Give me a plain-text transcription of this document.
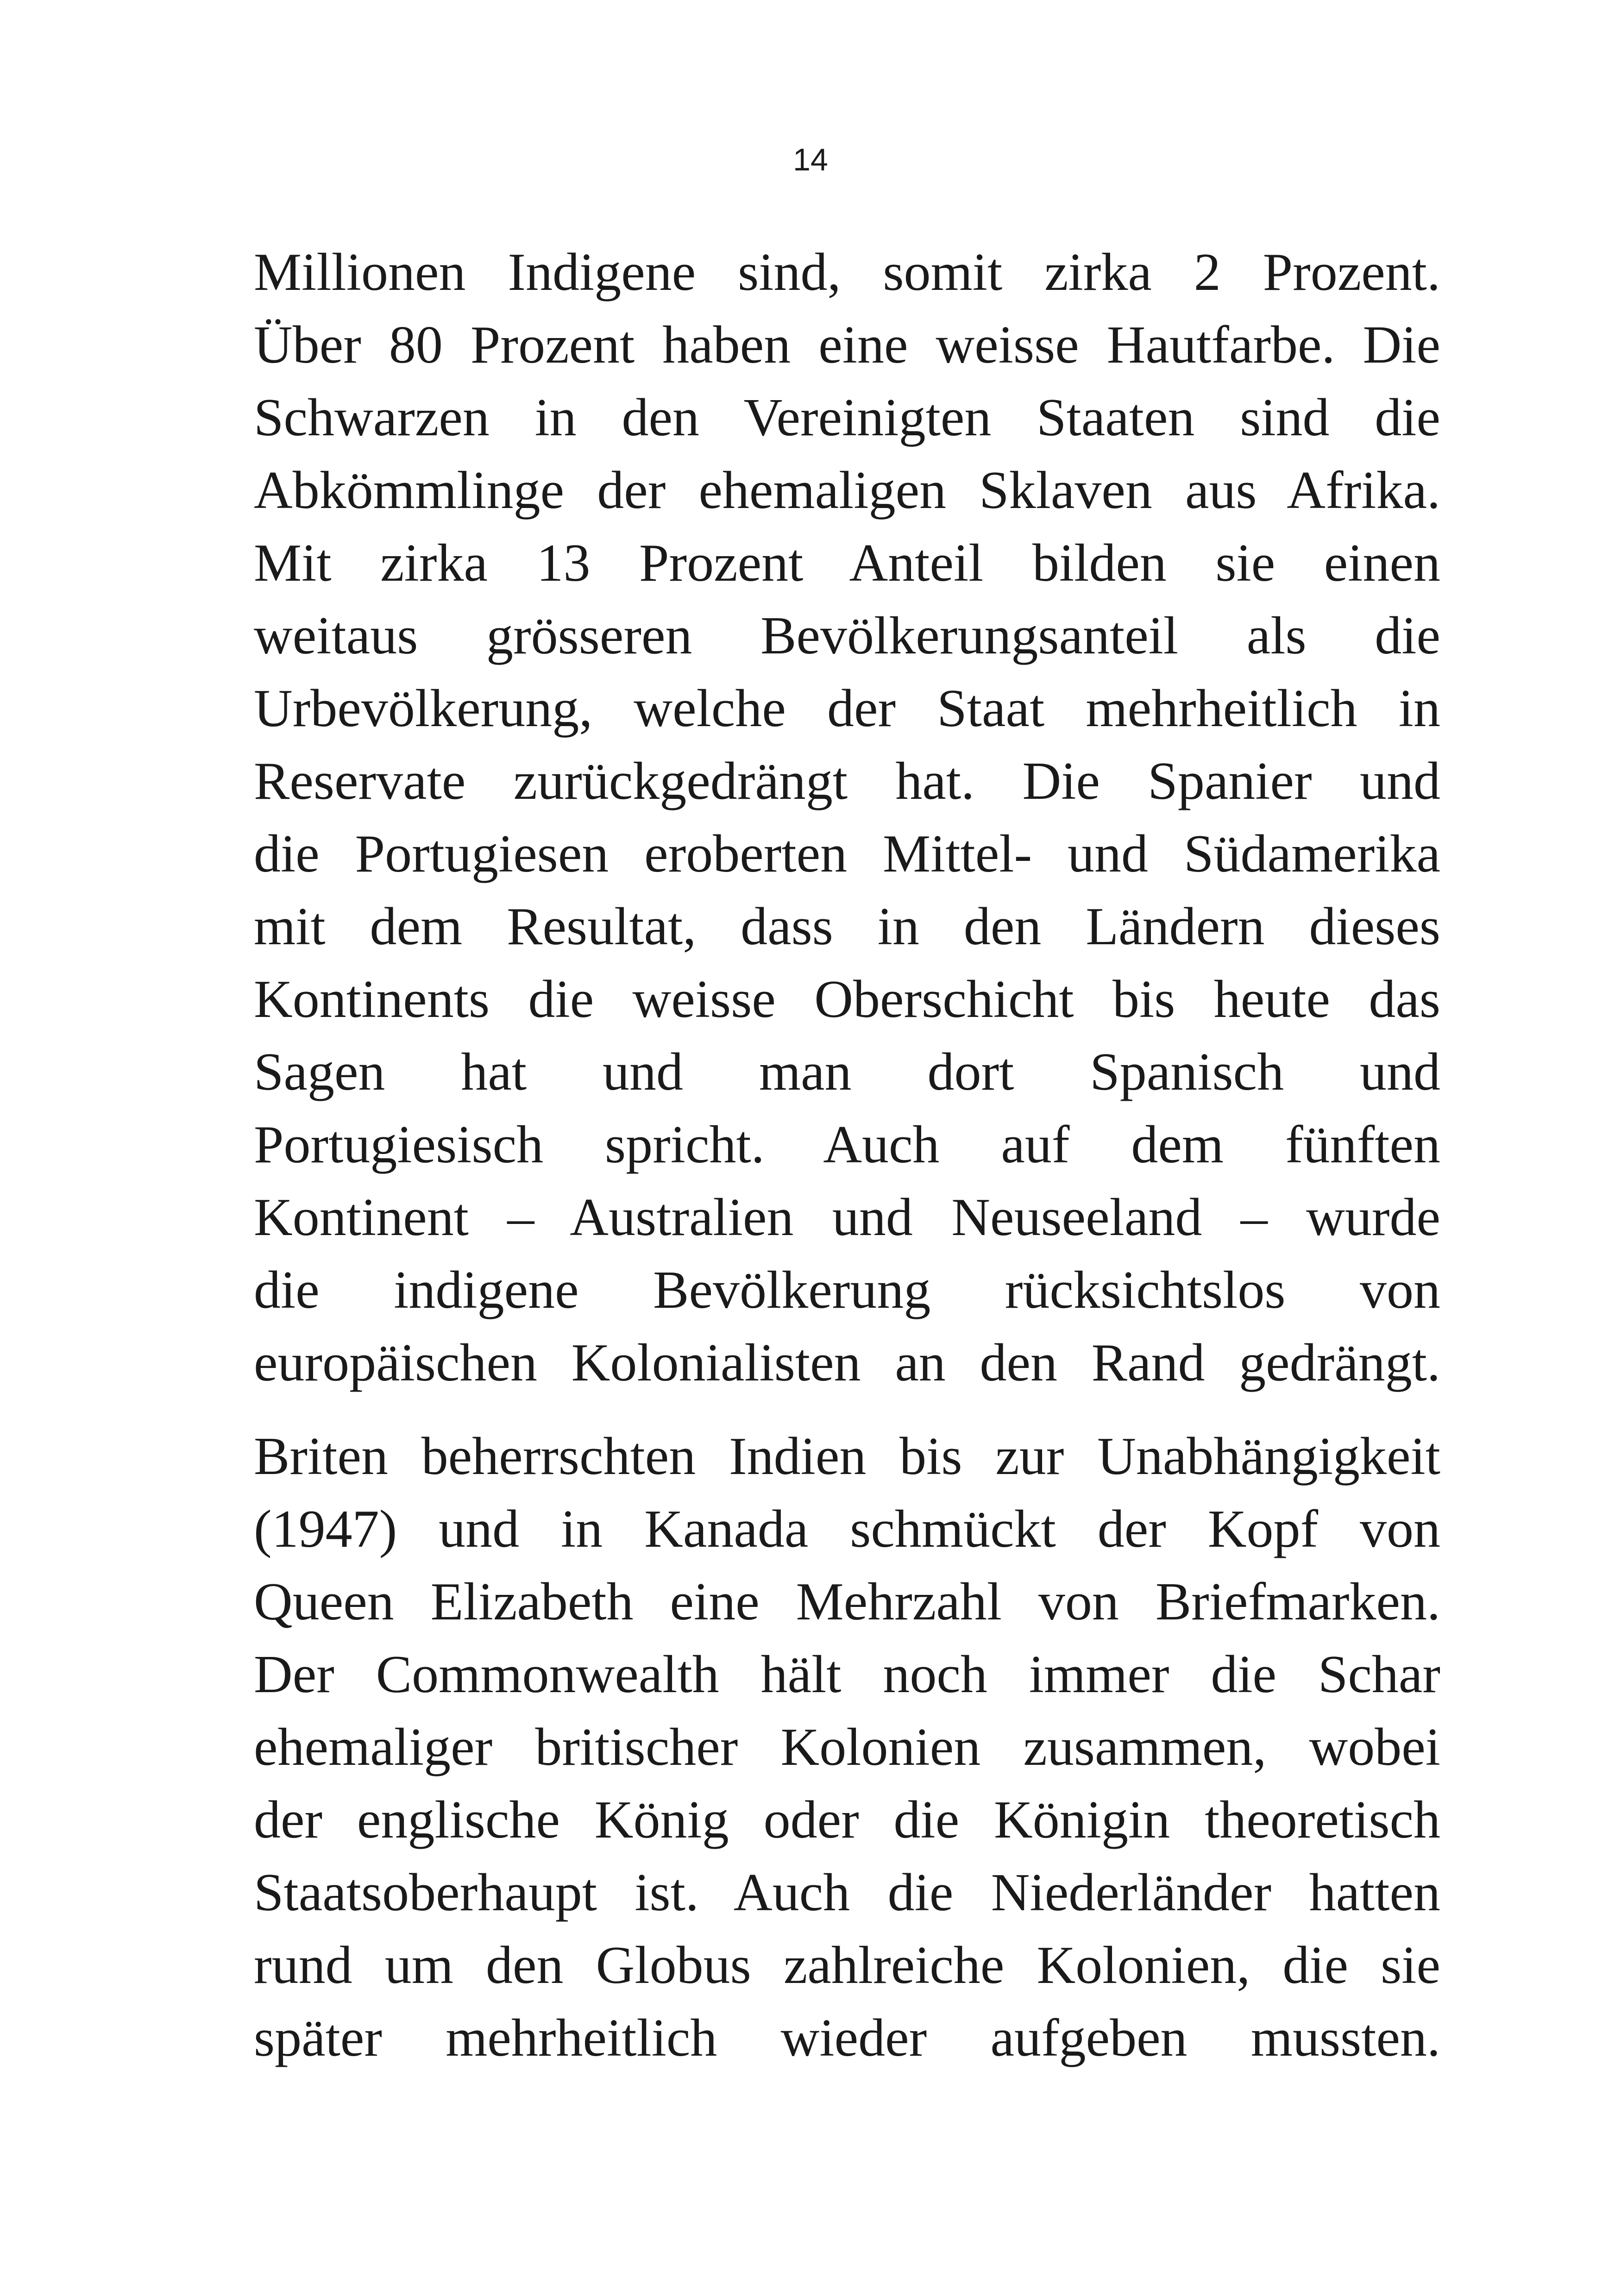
14

Millionen Indigene sind, somit zirka 2 Prozent.
Über 80 Prozent haben eine weisse Hautfarbe. Die
Schwarzen in den Vereinigten Staaten sind die
Abkömmlinge der ehemaligen Sklaven aus Afrika.
Mit zirka 13 Prozent Anteil bilden sie einen
weitaus grösseren Bevölkerungsanteil als die
Urbevölkerung, welche der Staat mehrheitlich in
Reservate zurückgedrängt hat. Die Spanier und
die Portugiesen eroberten Mittel- und Südamerika
mit dem Resultat, dass in den Ländern dieses
Kontinents die weisse Oberschicht bis heute das
Sagen hat und man dort Spanisch und
Portugiesisch spricht. Auch auf dem fünften
Kontinent – Australien und Neuseeland – wurde
die indigene Bevölkerung rücksichtslos von
europäischen Kolonialisten an den Rand gedrängt.

Briten beherrschten Indien bis zur Unabhängigkeit
(1947) und in Kanada schmückt der Kopf von
Queen Elizabeth eine Mehrzahl von Briefmarken.
Der Commonwealth hält noch immer die Schar
ehemaliger britischer Kolonien zusammen, wobei
der englische König oder die Königin theoretisch
Staatsoberhaupt ist. Auch die Niederländer hatten
rund um den Globus zahlreiche Kolonien, die sie
später mehrheitlich wieder aufgeben mussten.
